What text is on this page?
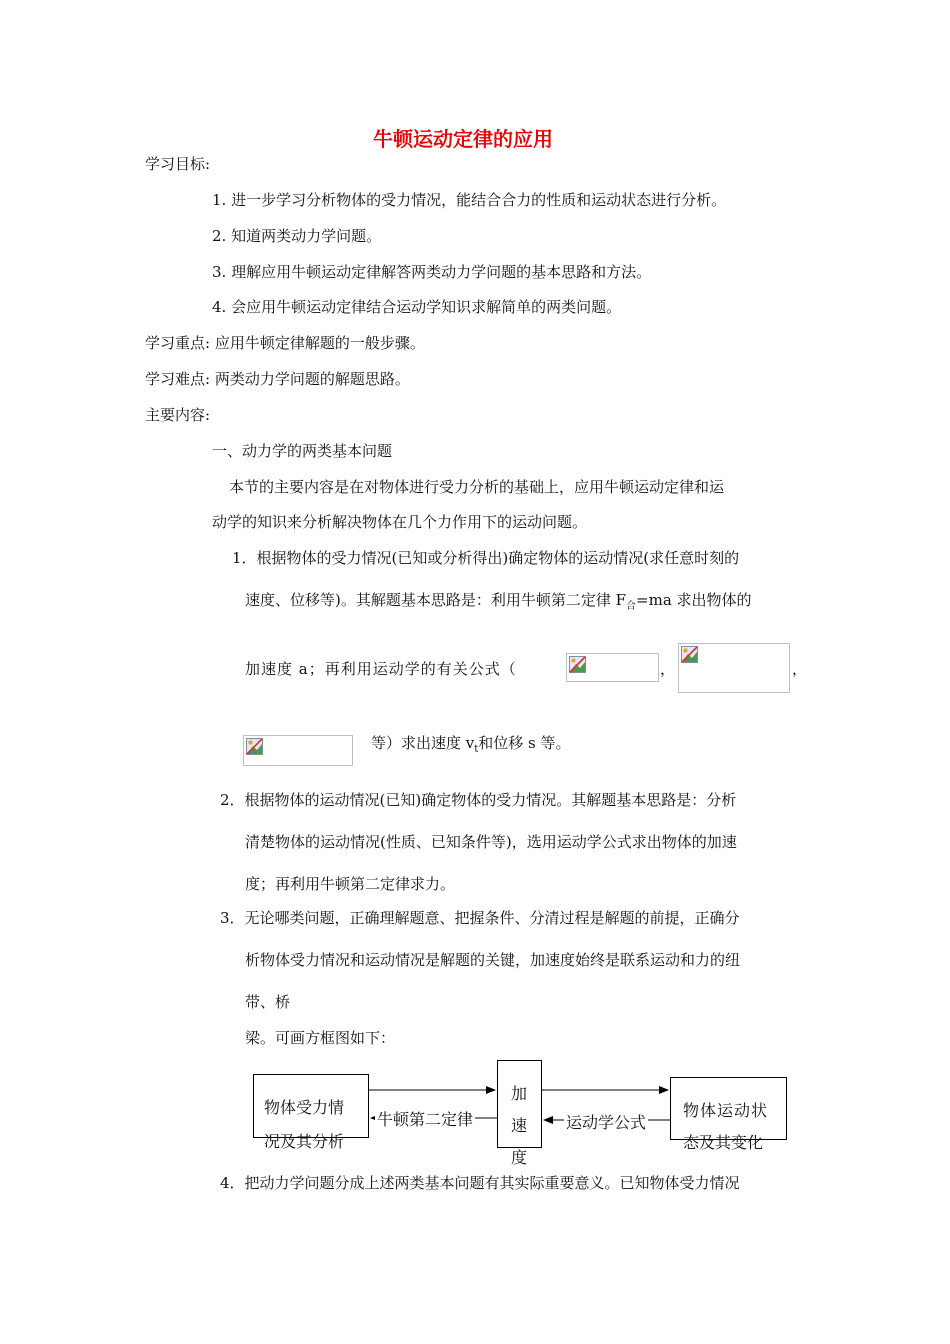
牛顿运动定律的应用
学习目标:
1. 进一步学习分析物体的受力情况，能结合合力的性质和运动状态进行分析。
2. 知道两类动力学问题。
3. 理解应用牛顿运动定律解答两类动力学问题的基本思路和方法。
4. 会应用牛顿运动定律结合运动学知识求解简单的两类问题。
学习重点: 应用牛顿定律解题的一般步骤。
学习难点: 两类动力学问题的解题思路。
主要内容:
一、动力学的两类基本问题
本节的主要内容是在对物体进行受力分析的基础上，应用牛顿运动定律和运
动学的知识来分析解决物体在几个力作用下的运动问题。
1．根据物体的受力情况(已知或分析得出)确定物体的运动情况(求任意时刻的
速度、位移等)。其解题基本思路是：利用牛顿第二定律 $F_合=ma$ 求出物体的
加速度 a；再利用运动学的有关公式（	，	，
等）求出速度 $v_t$和位移 s 等。
2．根据物体的运动情况(已知)确定物体的受力情况。其解题基本思路是：分析
清楚物体的运动情况(性质、已知条件等)，选用运动学公式求出物体的加速
度；再利用牛顿第二定律求力。
3．无论哪类问题，正确理解题意、把握条件、分清过程是解题的前提，正确分
析物体受力情况和运动情况是解题的关键，加速度始终是联系运动和力的纽
带、桥
梁。可画方框图如下：
物体受力情
况及其分析
加
速
度
物体运动状
态及其变化
牛顿第二定律	运动学公式
4．把动力学问题分成上述两类基本问题有其实际重要意义。已知物体受力情况
